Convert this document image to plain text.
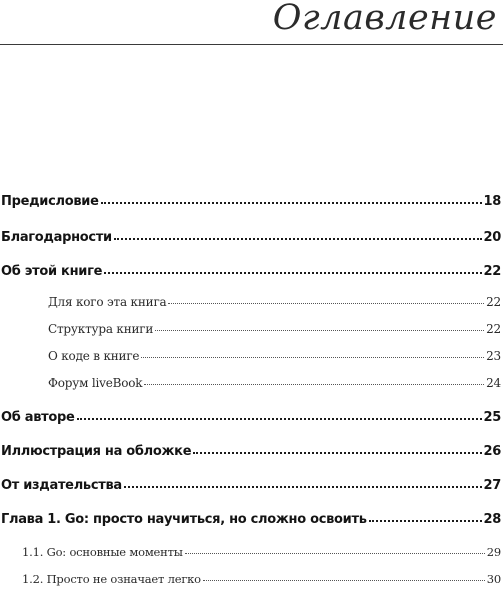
Оглавление
Предисловие	18
Благодарности	20
Об этой книге	22
Для кого эта книга	22
Структура книги	22
О коде в книге	23
Форум liveBook	24
Об авторе	25
Иллюстрация на обложке	26
От издательства	27
Глава 1. Go: просто научиться, но сложно освоить	28
1.1. Go: основные моменты	29
1.2. Просто не означает легко	30
